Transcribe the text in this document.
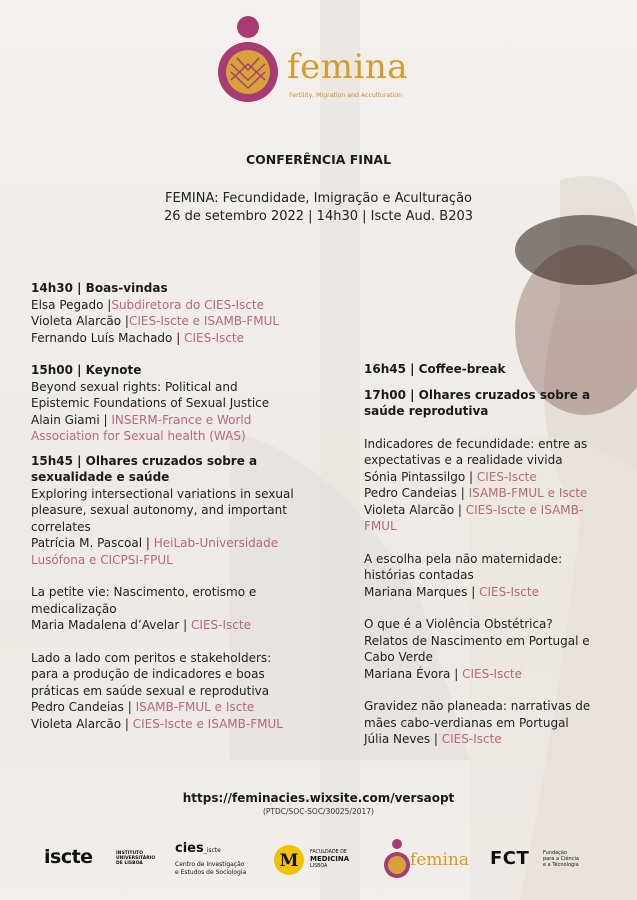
femina
Fertility, Migration and Acculturation
CONFERÊNCIA FINAL
FEMINA: Fecundidade, Imigração e Aculturação
26 de setembro 2022 | 14h30 | Iscte Aud. B203
14h30 | Boas-vindas
Elsa Pegado |Subdiretora do CIES-Iscte
Violeta Alarcão |CIES-Iscte e ISAMB-FMUL
Fernando Luís Machado | CIES-Iscte
15h00 | Keynote
Beyond sexual rights: Political and
Epistemic Foundations of Sexual Justice
Alain Giami | INSERM-France e World
Association for Sexual health (WAS)
15h45 | Olhares cruzados sobre a
sexualidade e saúde
Exploring intersectional variations in sexual
pleasure, sexual autonomy, and important
correlates
Patrícia M. Pascoal | HeiLab-Universidade
Lusófona e CICPSI-FPUL
La petite vie: Nascimento, erotismo e
medicalização
Maria Madalena d’Avelar | CIES-Iscte
Lado a lado com peritos e stakeholders:
para a produção de indicadores e boas
práticas em saúde sexual e reprodutiva
Pedro Candeias | ISAMB-FMUL e Iscte
Violeta Alarcão | CIES-Iscte e ISAMB-FMUL
16h45 | Coffee-break
17h00 | Olhares cruzados sobre a
saúde reprodutiva
Indicadores de fecundidade: entre as
expectativas e a realidade vivida
Sónia Pintassilgo | CIES-Iscte
Pedro Candeias | ISAMB-FMUL e Iscte
Violeta Alarcão | CIES-Iscte e ISAMB-
FMUL
A escolha pela não maternidade:
histórias contadas
Mariana Marques | CIES-Iscte
O que é a Violência Obstétrica?
Relatos de Nascimento em Portugal e
Cabo Verde
Mariana Évora | CIES-Iscte
Gravidez não planeada: narrativas de
mães cabo-verdianas em Portugal
Júlia Neves | CIES-Iscte
https://feminacies.wixsite.com/versaopt
(PTDC/SOC-SOC/30025/2017)
iscte	INSTITUTO
UNIVERSITÁRIO
DE LISBOA
cies_iscte
Centro de Investigação
e Estudos de Sociologia
M FACULDADE DE
MEDICINA
LISBOA	femina FCT	Fundação
para a Ciência
e a Tecnologia
